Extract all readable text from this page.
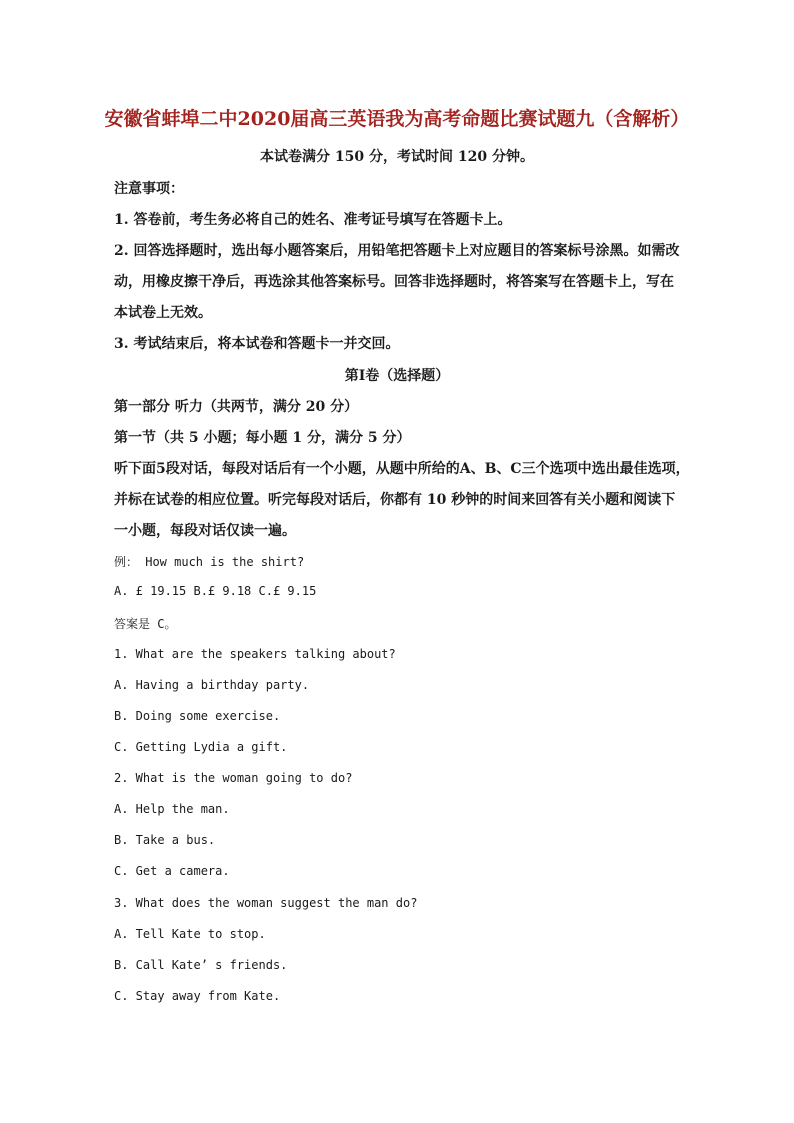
安徽省蚌埠二中2020届高三英语我为高考命题比赛试题九（含解析）
本试卷满分 150 分，考试时间 120 分钟。
注意事项：
1. 答卷前，考生务必将自己的姓名、准考证号填写在答题卡上。
2. 回答选择题时，选出每小题答案后，用铅笔把答题卡上对应题目的答案标号涂黑。如需改
动，用橡皮擦干净后，再选涂其他答案标号。回答非选择题时，将答案写在答题卡上，写在
本试卷上无效。
3. 考试结束后，将本试卷和答题卡一并交回。
第I卷（选择题）
第一部分 听力（共两节，满分 20 分）
第一节（共 5 小题；每小题 1 分，满分 5 分）
听下面5段对话，每段对话后有一个小题，从题中所给的A、B、C三个选项中选出最佳选项，
并标在试卷的相应位置。听完每段对话后，你都有 10 秒钟的时间来回答有关小题和阅读下
一小题，每段对话仅读一遍。
例： How much is the shirt?
A. £ 19.15 B.£ 9.18 C.£ 9.15
答案是 C。
1. What are the speakers talking about?
A. Having a birthday party.
B. Doing some exercise.
C. Getting Lydia a gift.
2. What is the woman going to do?
A. Help the man.
B. Take a bus.
C. Get a camera.
3. What does the woman suggest the man do?
A. Tell Kate to stop.
B. Call Kate’ s friends.
C. Stay away from Kate.
